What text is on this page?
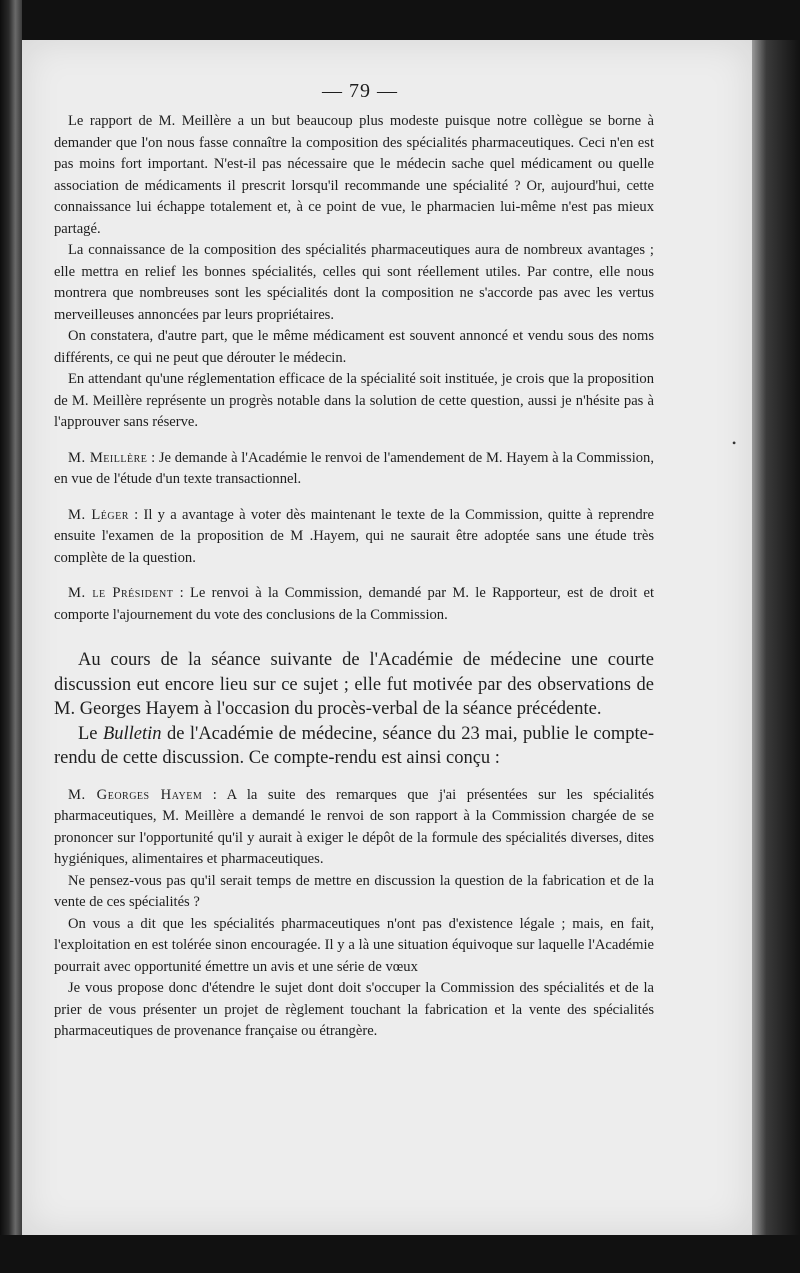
— 79 —

Le rapport de M. Meillère a un but beaucoup plus modeste puisque notre collègue se borne à demander que l'on nous fasse connaître la composition des spécialités pharmaceutiques. Ceci n'en est pas moins fort important. N'est-il pas nécessaire que le médecin sache quel médicament ou quelle association de médicaments il prescrit lorsqu'il recommande une spécialité ? Or, aujourd'hui, cette connaissance lui échappe totalement et, à ce point de vue, le pharmacien lui-même n'est pas mieux partagé.

La connaissance de la composition des spécialités pharmaceutiques aura de nombreux avantages ; elle mettra en relief les bonnes spécialités, celles qui sont réellement utiles. Par contre, elle nous montrera que nombreuses sont les spécialités dont la composition ne s'accorde pas avec les vertus merveilleuses annoncées par leurs propriétaires.

On constatera, d'autre part, que le même médicament est souvent annoncé et vendu sous des noms différents, ce qui ne peut que dérouter le médecin.

En attendant qu'une réglementation efficace de la spécialité soit instituée, je crois que la proposition de M. Meillère représente un progrès notable dans la solution de cette question, aussi je n'hésite pas à l'approuver sans réserve.

M. Meillère : Je demande à l'Académie le renvoi de l'amendement de M. Hayem à la Commission, en vue de l'étude d'un texte transactionnel.

M. Léger : Il y a avantage à voter dès maintenant le texte de la Commission, quitte à reprendre ensuite l'examen de la proposition de M .Hayem, qui ne saurait être adoptée sans une étude très complète de la question.

M. le Président : Le renvoi à la Commission, demandé par M. le Rapporteur, est de droit et comporte l'ajournement du vote des conclusions de la Commission.

Au cours de la séance suivante de l'Académie de médecine une courte discussion eut encore lieu sur ce sujet ; elle fut motivée par des observations de M. Georges Hayem à l'occasion du procès-verbal de la séance précédente.

Le Bulletin de l'Académie de médecine, séance du 23 mai, publie le compte-rendu de cette discussion. Ce compte-rendu est ainsi conçu :

M. Georges Hayem : A la suite des remarques que j'ai présentées sur les spécialités pharmaceutiques, M. Meillère a demandé le renvoi de son rapport à la Commission chargée de se prononcer sur l'opportunité qu'il y aurait à exiger le dépôt de la formule des spécialités diverses, dites hygiéniques, alimentaires et pharmaceutiques.

Ne pensez-vous pas qu'il serait temps de mettre en discussion la question de la fabrication et de la vente de ces spécialités ?

On vous a dit que les spécialités pharmaceutiques n'ont pas d'existence légale ; mais, en fait, l'exploitation en est tolérée sinon encouragée. Il y a là une situation équivoque sur laquelle l'Académie pourrait avec opportunité émettre un avis et une série de vœux

Je vous propose donc d'étendre le sujet dont doit s'occuper la Commission des spécialités et de la prier de vous présenter un projet de règlement touchant la fabrication et la vente des spécialités pharmaceutiques de provenance française ou étrangère.

•
